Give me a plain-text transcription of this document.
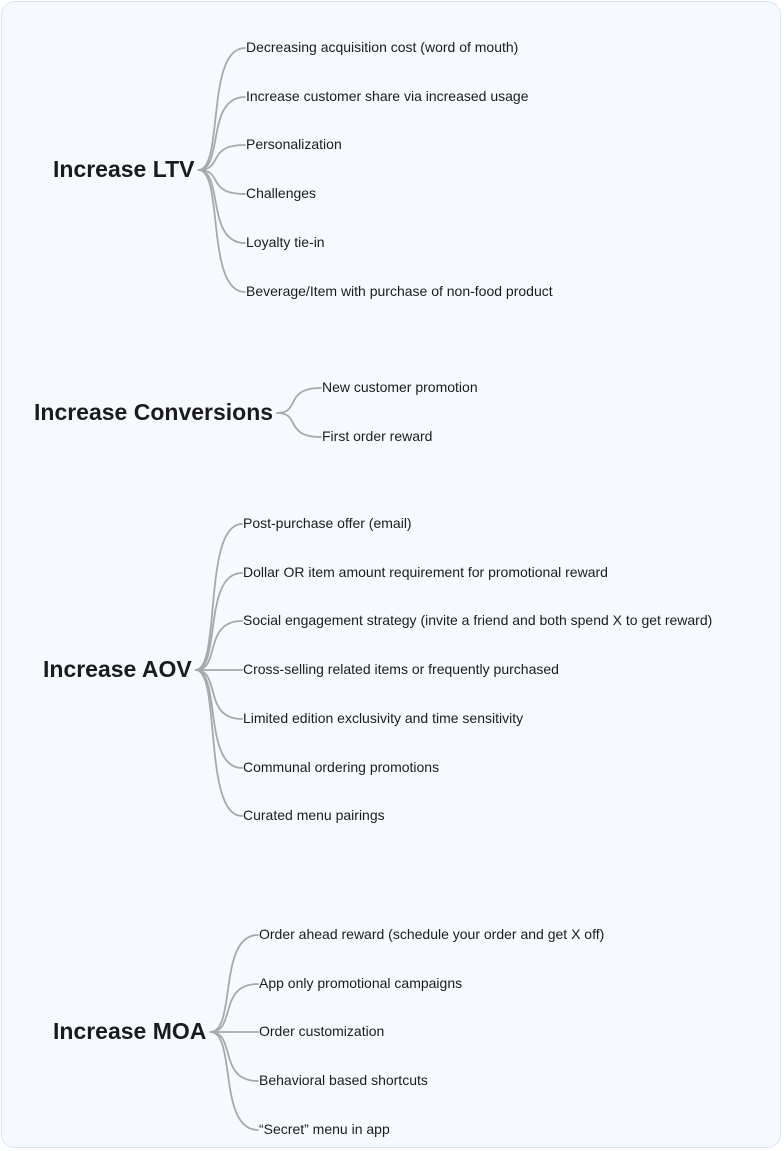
Increase LTV
Decreasing acquisition cost (word of mouth)
Increase customer share via increased usage
Personalization
Challenges
Loyalty tie-in
Beverage/Item with purchase of non-food product
Increase Conversions
New customer promotion
First order reward
Increase AOV
Post-purchase offer (email)
Dollar OR item amount requirement for promotional reward
Social engagement strategy (invite a friend and both spend X to get reward)
Cross-selling related items or frequently purchased
Limited edition exclusivity and time sensitivity
Communal ordering promotions
Curated menu pairings
Increase MOA
Order ahead reward (schedule your order and get X off)
App only promotional campaigns
Order customization
Behavioral based shortcuts
“Secret” menu in app
